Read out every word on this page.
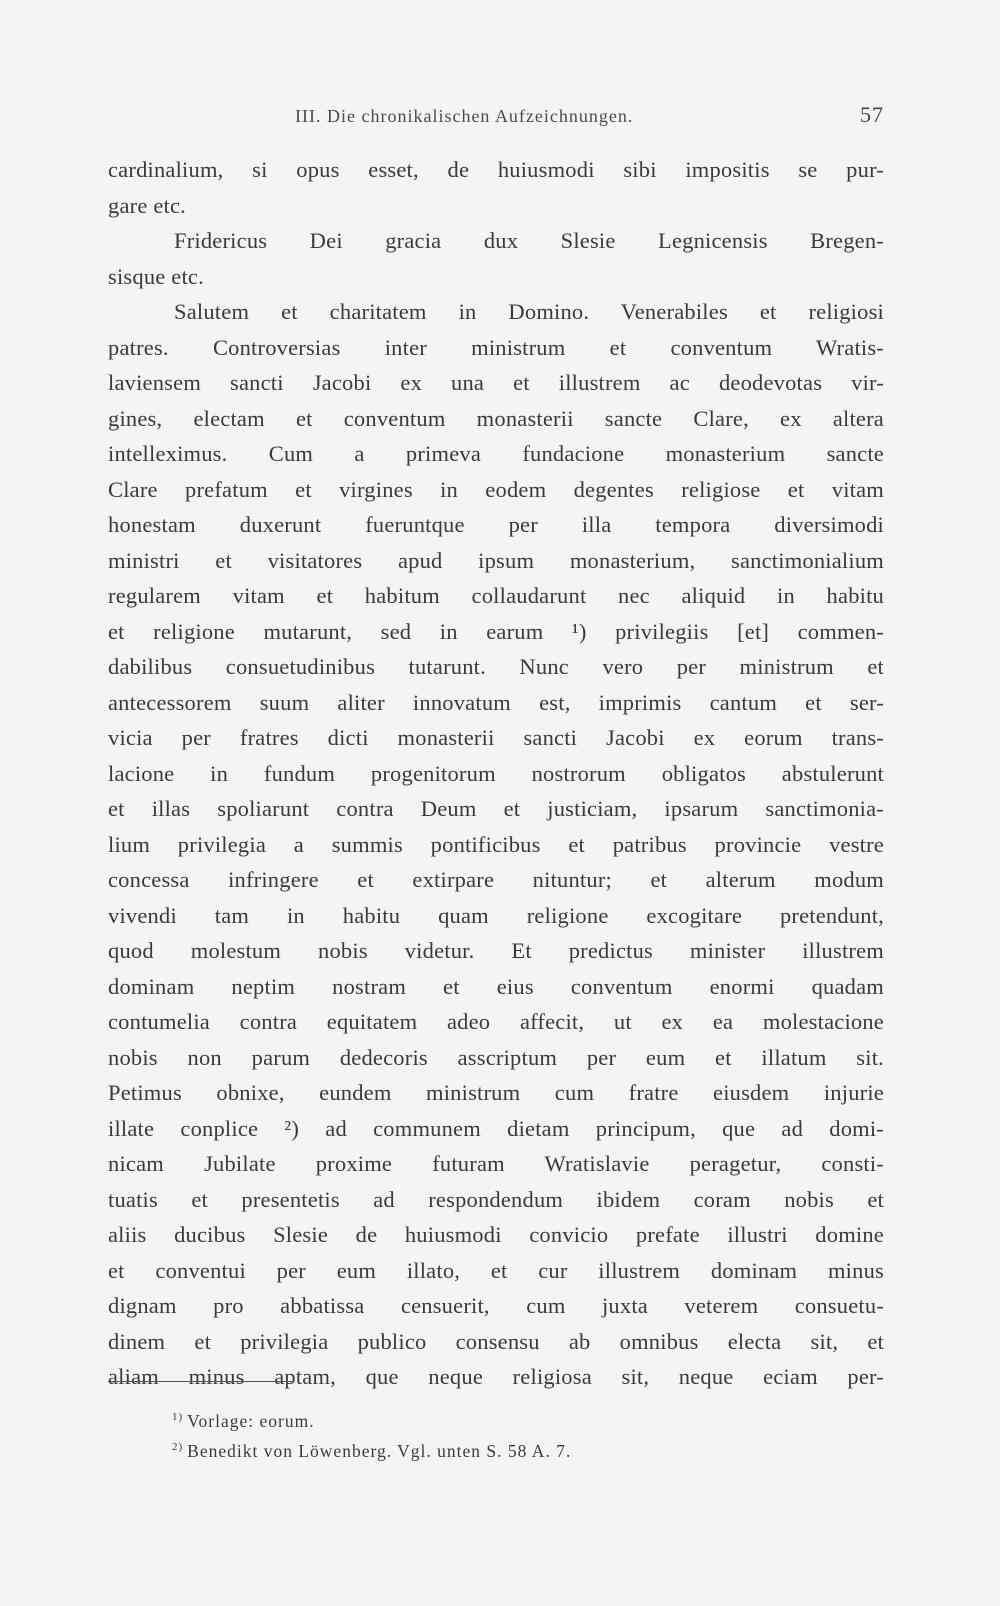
III. Die chronikalischen Aufzeichnungen.	57
cardinalium, si opus esset, de huiusmodi sibi impositis se pur-
gare etc.
Fridericus Dei gracia dux Slesie Legnicensis Bregen-
sisque etc.
Salutem et charitatem in Domino. Venerabiles et religiosi
patres. Controversias inter ministrum et conventum Wratis-
laviensem sancti Jacobi ex una et illustrem ac deodevotas vir-
gines, electam et conventum monasterii sancte Clare, ex altera
intelleximus. Cum a primeva fundacione monasterium sancte
Clare prefatum et virgines in eodem degentes religiose et vitam
honestam duxerunt fueruntque per illa tempora diversimodi
ministri et visitatores apud ipsum monasterium, sanctimonialium
regularem vitam et habitum collaudarunt nec aliquid in habitu
et religione mutarunt, sed in earum ¹) privilegiis [et] commen-
dabilibus consuetudinibus tutarunt. Nunc vero per ministrum et
antecessorem suum aliter innovatum est, imprimis cantum et ser-
vicia per fratres dicti monasterii sancti Jacobi ex eorum trans-
lacione in fundum progenitorum nostrorum obligatos abstulerunt
et illas spoliarunt contra Deum et justiciam, ipsarum sanctimonia-
lium privilegia a summis pontificibus et patribus provincie vestre
concessa infringere et extirpare nituntur; et alterum modum
vivendi tam in habitu quam religione excogitare pretendunt,
quod molestum nobis videtur. Et predictus minister illustrem
dominam neptim nostram et eius conventum enormi quadam
contumelia contra equitatem adeo affecit, ut ex ea molestacione
nobis non parum dedecoris asscriptum per eum et illatum sit.
Petimus obnixe, eundem ministrum cum fratre eiusdem injurie
illate conplice ²) ad communem dietam principum, que ad domi-
nicam Jubilate proxime futuram Wratislavie peragetur, consti-
tuatis et presentetis ad respondendum ibidem coram nobis et
aliis ducibus Slesie de huiusmodi convicio prefate illustri domine
et conventui per eum illato, et cur illustrem dominam minus
dignam pro abbatissa censuerit, cum juxta veterem consuetu-
dinem et privilegia publico consensu ab omnibus electa sit, et
aliam minus aptam, que neque religiosa sit, neque eciam per-
$^{1)}$ Vorlage: eorum.
$^{2)}$ Benedikt von Löwenberg. Vgl. unten S. 58 A. 7.
